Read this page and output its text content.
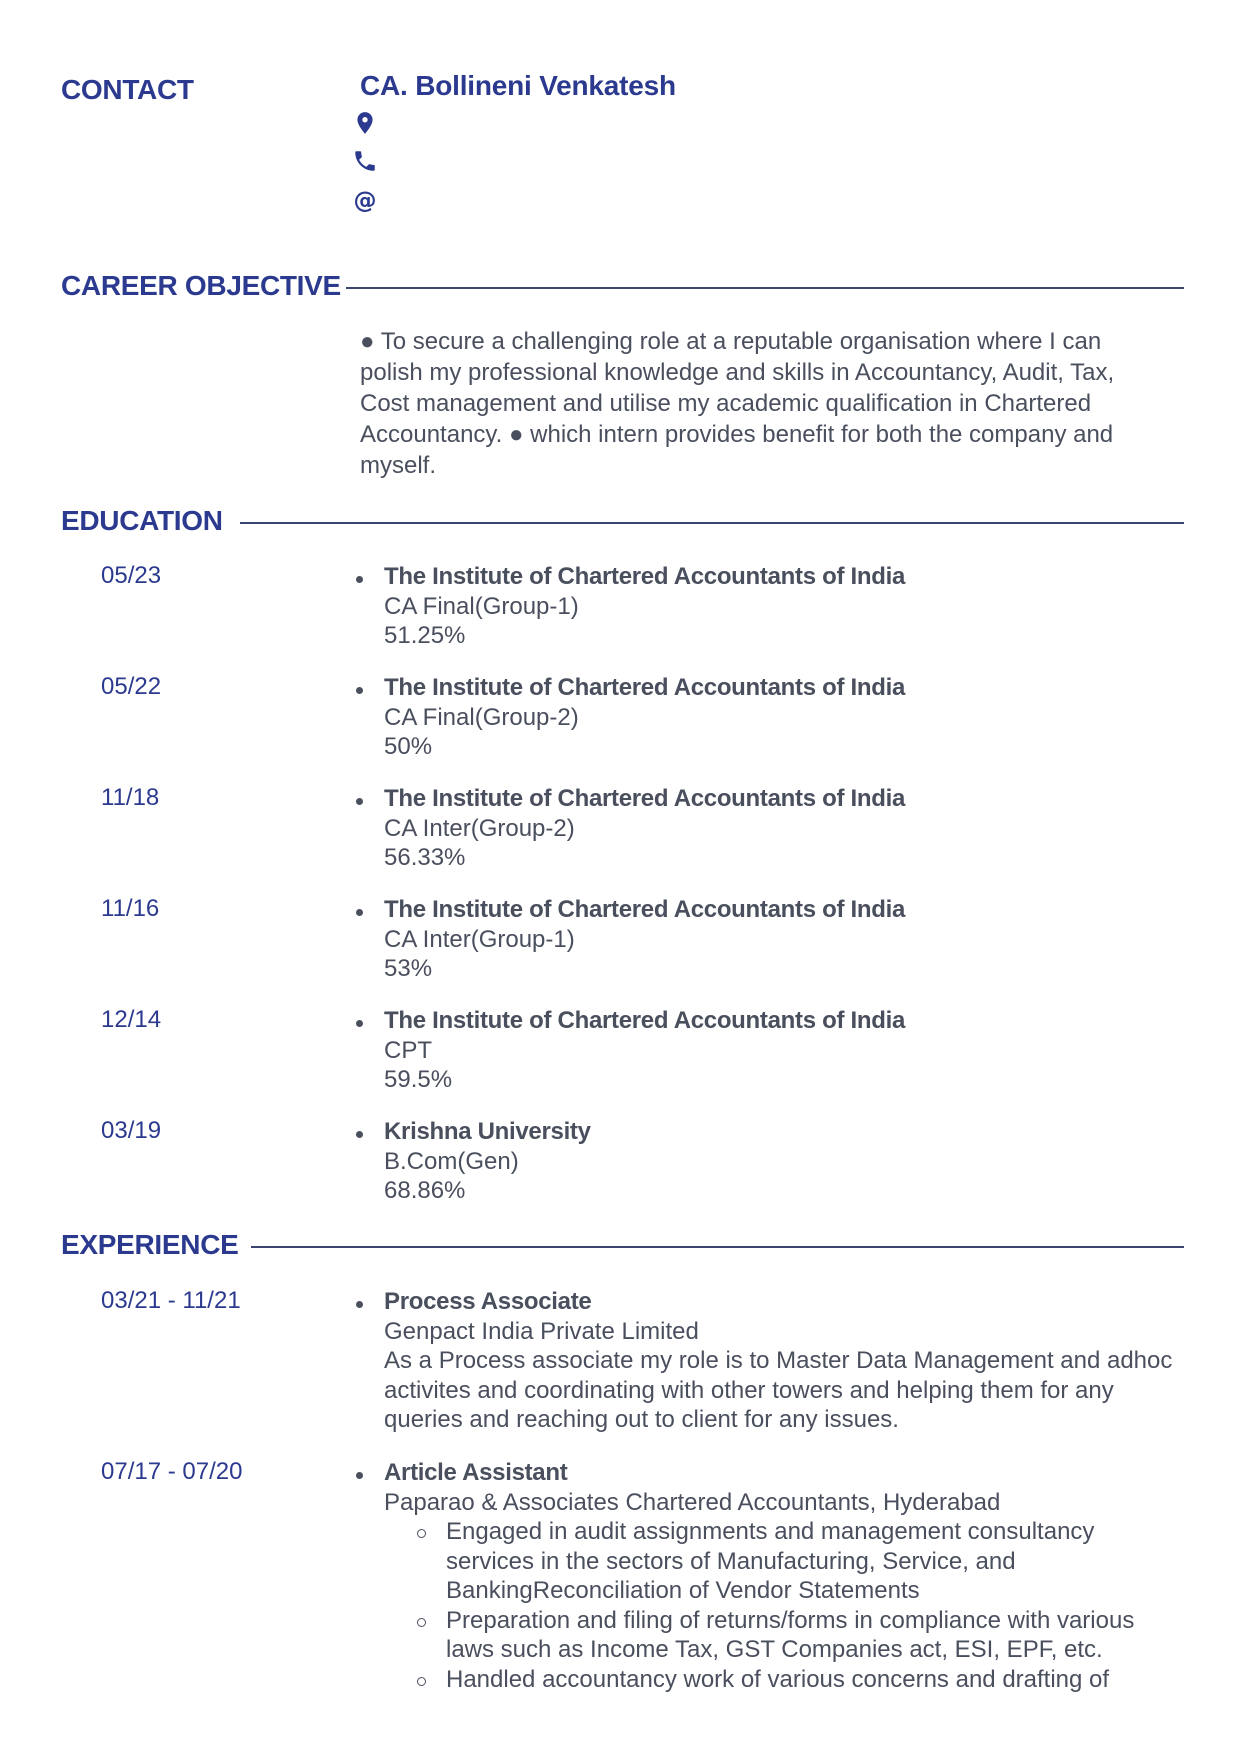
CONTACT	CA. Bollineni Venkatesh
@
CAREER OBJECTIVE

● To secure a challenging role at a reputable organisation where I can polish my professional knowledge and skills in Accountancy, Audit, Tax, Cost management and utilise my academic qualification in Chartered Accountancy. ● which intern provides benefit for both the company and myself.

EDUCATION
05/23	The Institute of Chartered Accountants of India
CA Final(Group-1)
51.25%
05/22	The Institute of Chartered Accountants of India
CA Final(Group-2)
50%
11/18	The Institute of Chartered Accountants of India
CA Inter(Group-2)
56.33%
11/16	The Institute of Chartered Accountants of India
CA Inter(Group-1)
53%
12/14	The Institute of Chartered Accountants of India
CPT
59.5%
03/19	Krishna University
B.Com(Gen)
68.86%
EXPERIENCE
03/21 - 11/21	Process Associate
Genpact India Private Limited
As a Process associate my role is to Master Data Management and adhoc activites and coordinating with other towers and helping them for any queries and reaching out to client for any issues.
07/17 - 07/20	Article Assistant
Paparao & Associates Chartered Accountants, Hyderabad
Engaged in audit assignments and management consultancy services in the sectors of Manufacturing, Service, and BankingReconciliation of Vendor Statements
Preparation and filing of returns/forms in compliance with various laws such as Income Tax, GST Companies act, ESI, EPF, etc.
Handled accountancy work of various concerns and drafting of
